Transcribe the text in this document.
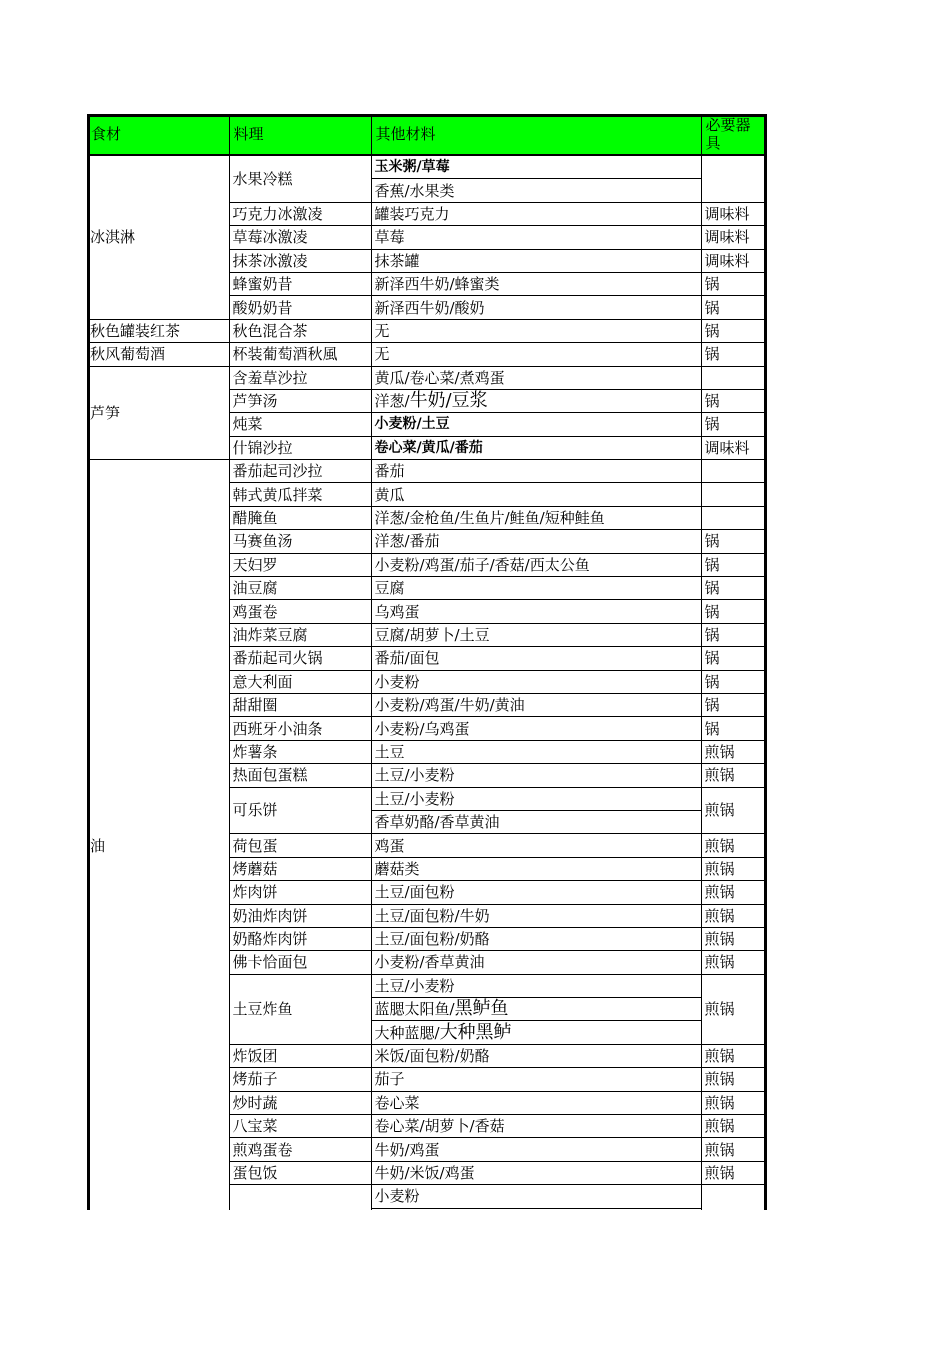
食材	料理	其他材料	必要器具
冰淇淋	水果冷糕	玉米粥/草莓	
		香蕉/水果类	
	巧克力冰激凌	罐装巧克力	调味料
	草莓冰激凌	草莓	调味料
	抹茶冰激凌	抹茶罐	调味料
	蜂蜜奶昔	新泽西牛奶/蜂蜜类	锅
	酸奶奶昔	新泽西牛奶/酸奶	锅
秋色罐装红茶	秋色混合茶	无	锅
秋风葡萄酒	杯装葡萄酒秋風	无	锅
芦笋	含羞草沙拉	黄瓜/卷心菜/煮鸡蛋	
	芦笋汤	洋葱/牛奶/豆浆	锅
	炖菜	小麦粉/土豆	锅
	什锦沙拉	卷心菜/黄瓜/番茄	调味料
油	番茄起司沙拉	番茄	
	韩式黄瓜拌菜	黄瓜	
	醋腌鱼	洋葱/金枪鱼/生鱼片/鲑鱼/短种鲑鱼	
	马赛鱼汤	洋葱/番茄	锅
	天妇罗	小麦粉/鸡蛋/茄子/香菇/西太公鱼	锅
	油豆腐	豆腐	锅
	鸡蛋卷	乌鸡蛋	锅
	油炸菜豆腐	豆腐/胡萝卜/土豆	锅
	番茄起司火锅	番茄/面包	锅
	意大利面	小麦粉	锅
	甜甜圈	小麦粉/鸡蛋/牛奶/黄油	锅
	西班牙小油条	小麦粉/乌鸡蛋	锅
	炸薯条	土豆	煎锅
	热面包蛋糕	土豆/小麦粉	煎锅
	可乐饼	土豆/小麦粉	煎锅
		香草奶酪/香草黄油	
	荷包蛋	鸡蛋	煎锅
	烤蘑菇	蘑菇类	煎锅
	炸肉饼	土豆/面包粉	煎锅
	奶油炸肉饼	土豆/面包粉/牛奶	煎锅
	奶酪炸肉饼	土豆/面包粉/奶酪	煎锅
	佛卡恰面包	小麦粉/香草黄油	煎锅
	土豆炸鱼	土豆/小麦粉	煎锅
		蓝腮太阳鱼/黑鲈鱼	
		大种蓝腮/大种黑鲈	
	炸饭团	米饭/面包粉/奶酪	煎锅
	烤茄子	茄子	煎锅
	炒时蔬	卷心菜	煎锅
	八宝菜	卷心菜/胡萝卜/香菇	煎锅
	煎鸡蛋卷	牛奶/鸡蛋	煎锅
	蛋包饭	牛奶/米饭/鸡蛋	煎锅
		小麦粉	
